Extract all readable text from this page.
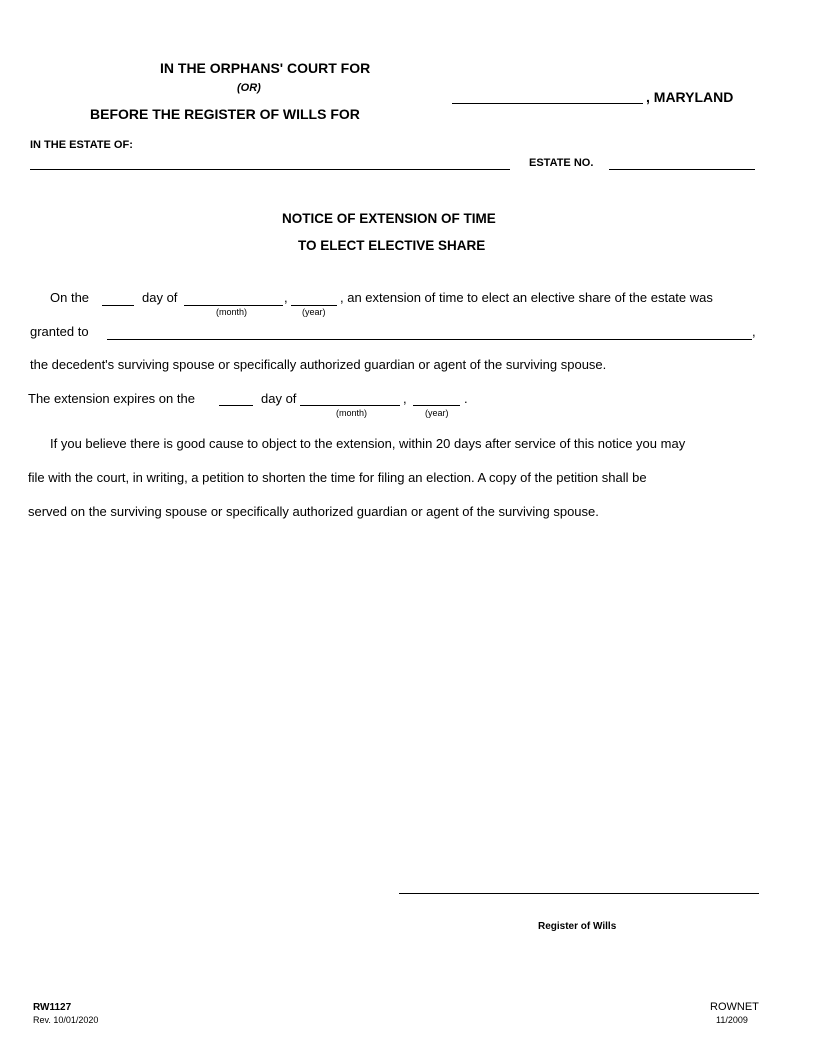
IN THE ORPHANS' COURT FOR
(OR)
BEFORE THE REGISTER OF WILLS FOR
, MARYLAND
IN THE ESTATE OF:
ESTATE NO.
NOTICE OF EXTENSION OF TIME
TO ELECT ELECTIVE SHARE
On the	day of	,	, an extension of time to elect an elective share of the estate was
(month)	(year)
granted to	,
the decedent's surviving spouse or specifically authorized guardian or agent of the surviving spouse.
The extension expires on the	day of	,	.
(month)	(year)
If you believe there is good cause to object to the extension, within 20 days after service of this notice you may
file with the court, in writing, a petition to shorten the time for filing an election. A copy of the petition shall be
served on the surviving spouse or specifically authorized guardian or agent of the surviving spouse.
Register of Wills
RW1127
Rev. 10/01/2020
ROWNET
11/2009
